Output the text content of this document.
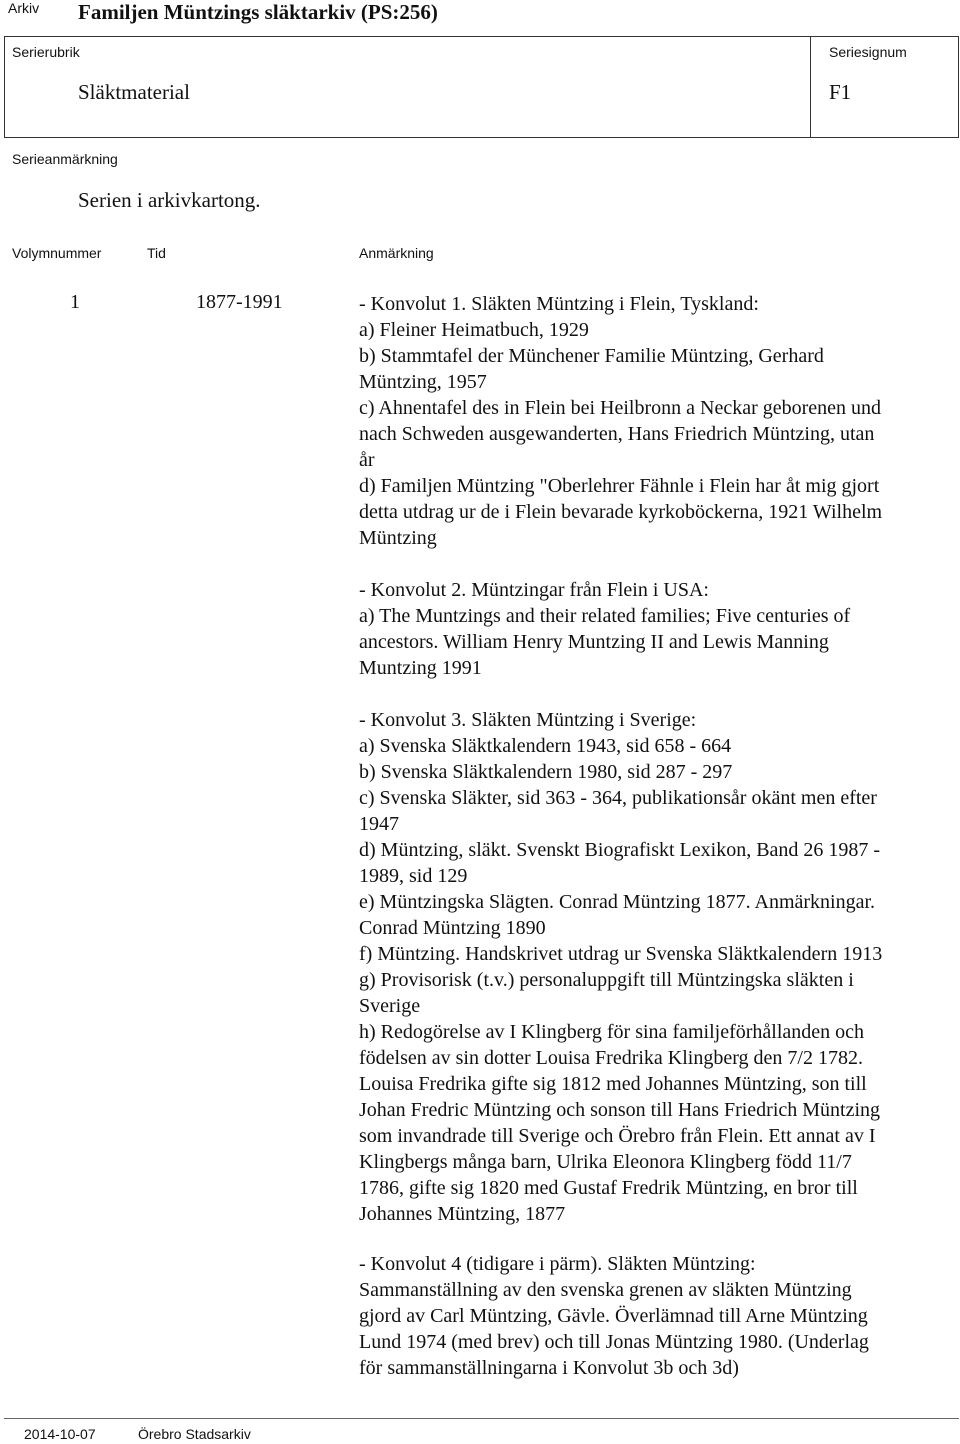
Arkiv Familjen Müntzings släktarkiv (PS:256)
Serierubrik
Släktmaterial
Seriesignum
F1
Serieanmärkning
Serien i arkivkartong.
Volymnummer	Tid	Anmärkning
1	1877-1991	- Konvolut 1. Släkten Müntzing i Flein, Tyskland:
a) Fleiner Heimatbuch, 1929
b) Stammtafel der Münchener Familie Müntzing, Gerhard
Müntzing, 1957
c) Ahnentafel des in Flein bei Heilbronn a Neckar geborenen und
nach Schweden ausgewanderten, Hans Friedrich Müntzing, utan
år
d) Familjen Müntzing "Oberlehrer Fähnle i Flein har åt mig gjort
detta utdrag ur de i Flein bevarade kyrkoböckerna, 1921 Wilhelm
Müntzing
- Konvolut 2. Müntzingar från Flein i USA:
a) The Muntzings and their related families; Five centuries of
ancestors. William Henry Muntzing II and Lewis Manning
Muntzing 1991
- Konvolut 3. Släkten Müntzing i Sverige:
a) Svenska Släktkalendern 1943, sid 658 - 664
b) Svenska Släktkalendern 1980, sid 287 - 297
c) Svenska Släkter, sid 363 - 364, publikationsår okänt men efter
1947
d) Müntzing, släkt. Svenskt Biografiskt Lexikon, Band 26 1987 -
1989, sid 129
e) Müntzingska Slägten. Conrad Müntzing 1877. Anmärkningar.
Conrad Müntzing 1890
f) Müntzing. Handskrivet utdrag ur Svenska Släktkalendern 1913
g) Provisorisk (t.v.) personaluppgift till Müntzingska släkten i
Sverige
h) Redogörelse av I Klingberg för sina familjeförhållanden och
födelsen av sin dotter Louisa Fredrika Klingberg den 7/2 1782.
Louisa Fredrika gifte sig 1812 med Johannes Müntzing, son till
Johan Fredric Müntzing och sonson till Hans Friedrich Müntzing
som invandrade till Sverige och Örebro från Flein. Ett annat av I
Klingbergs många barn, Ulrika Eleonora Klingberg född 11/7
1786, gifte sig 1820 med Gustaf Fredrik Müntzing, en bror till
Johannes Müntzing, 1877
- Konvolut 4 (tidigare i pärm). Släkten Müntzing:
Sammanställning av den svenska grenen av släkten Müntzing
gjord av Carl Müntzing, Gävle. Överlämnad till Arne Müntzing
Lund 1974 (med brev) och till Jonas Müntzing 1980. (Underlag
för sammanställningarna i Konvolut 3b och 3d)
2014-10-07	Örebro Stadsarkiv
